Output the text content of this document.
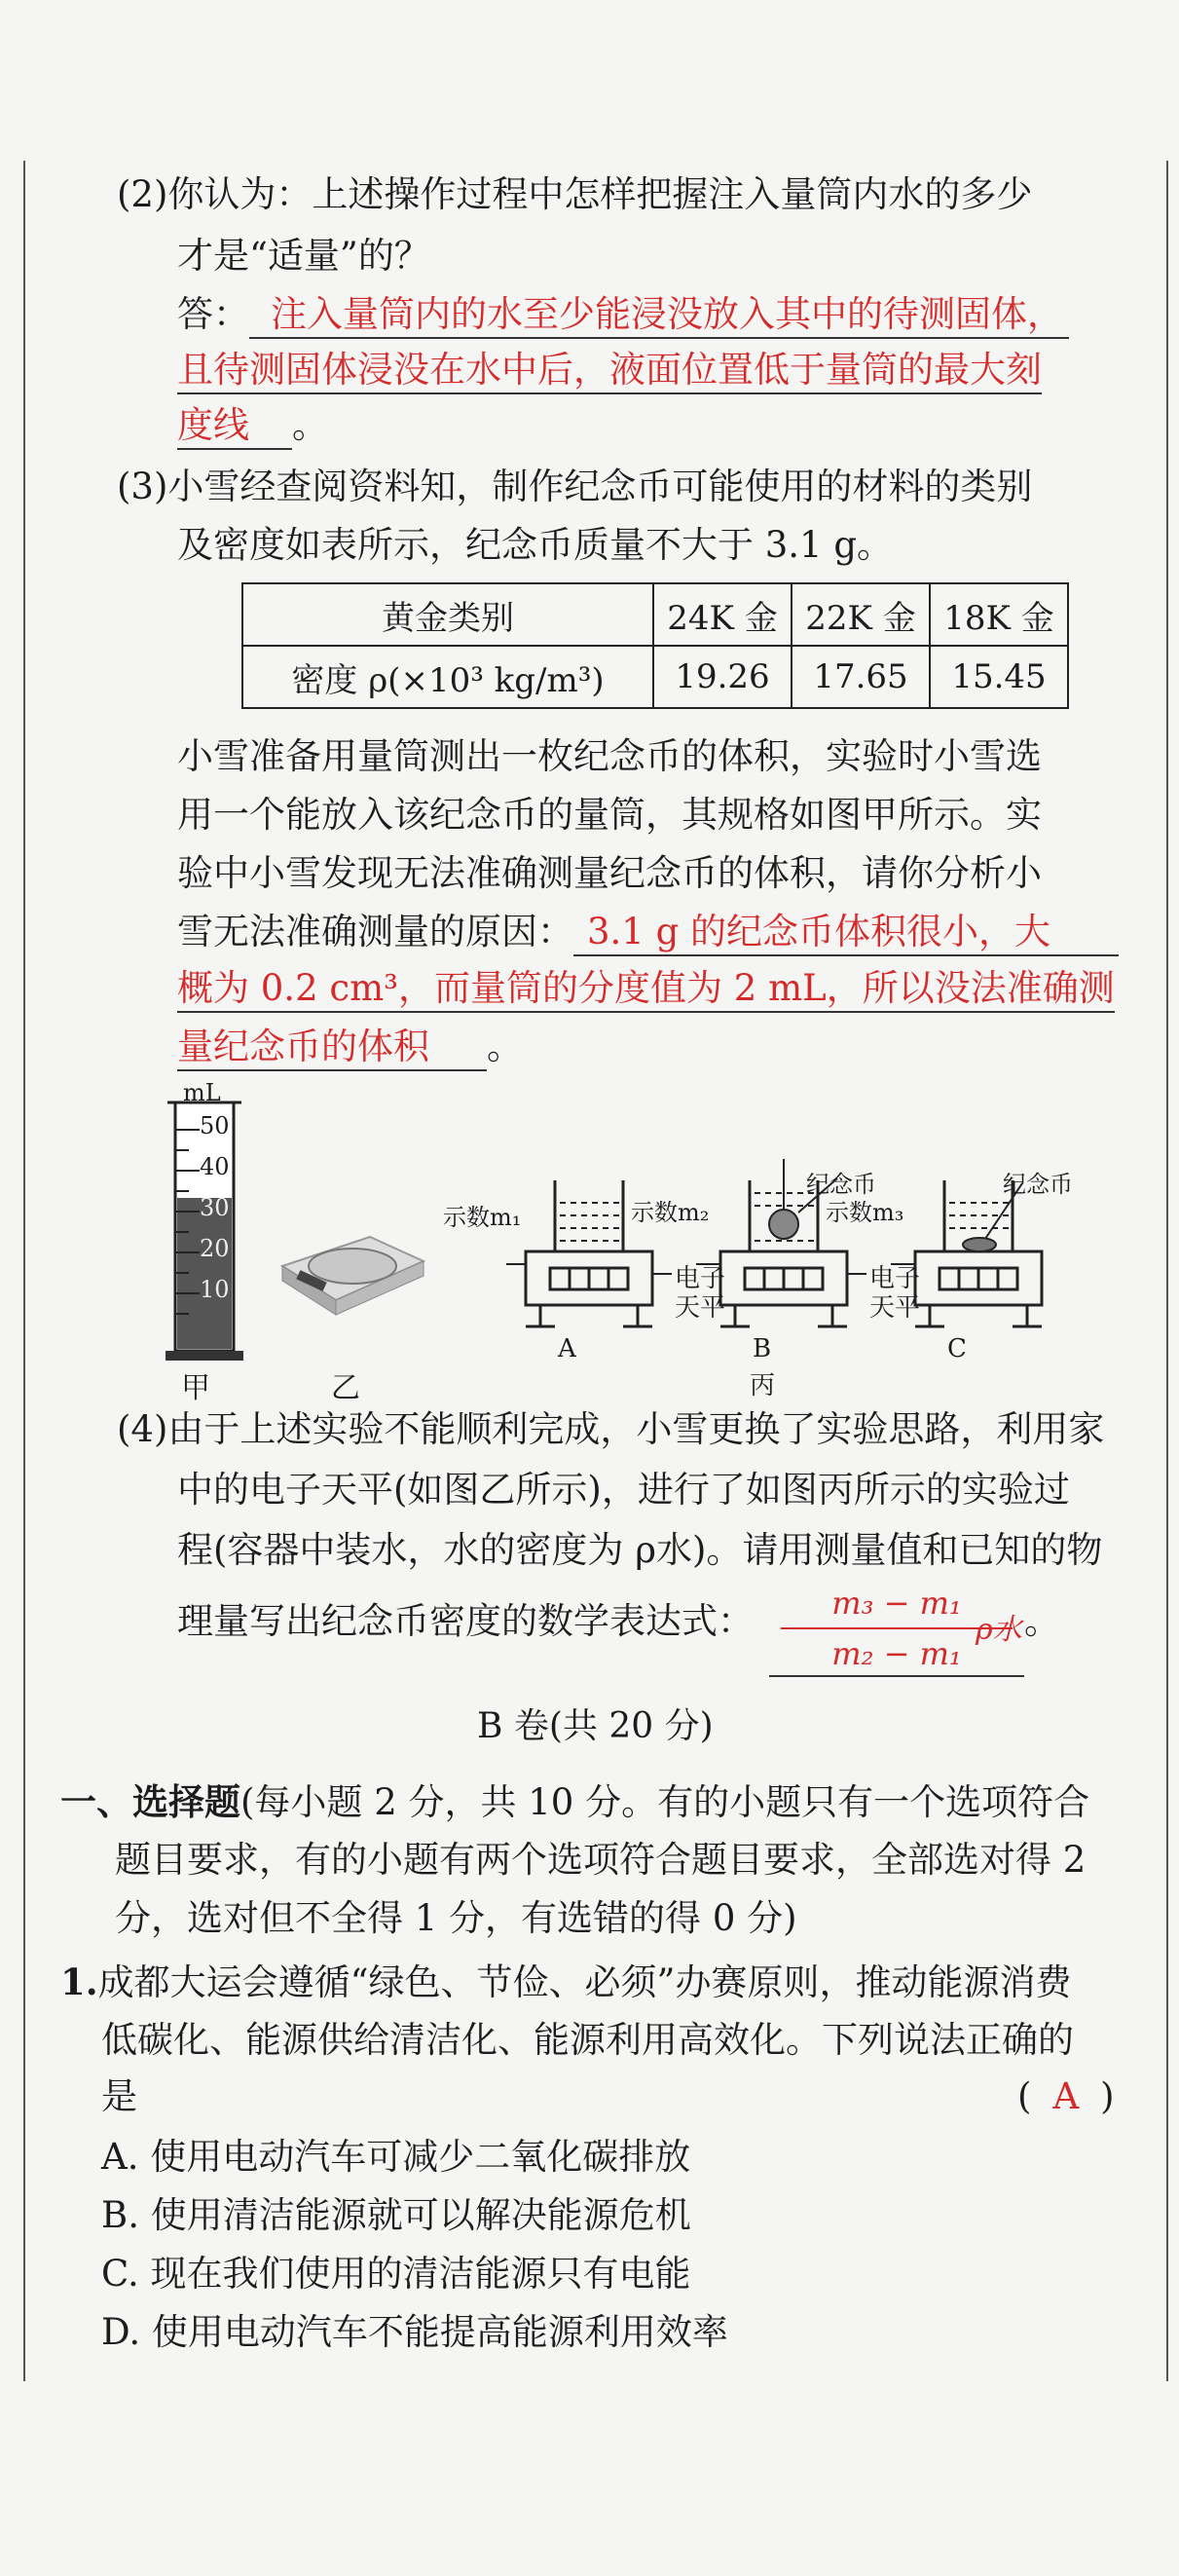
(2)你认为：上述操作过程中怎样把握注入量筒内水的多少
才是“适量”的？
答： 注入量筒内的水至少能浸没放入其中的待测固体，
且待测固体浸没在水中后，液面位置低于量筒的最大刻
度线 。
(3)小雪经查阅资料知，制作纪念币可能使用的材料的类别
及密度如表所示，纪念币质量不大于 3.1 g。
黄金类别	24K 金	22K 金	18K 金
密度 ρ(×10³ kg/m³)	19.26	17.65	15.45
小雪准备用量筒测出一枚纪念币的体积，实验时小雪选
用一个能放入该纪念币的量筒，其规格如图甲所示。实
验中小雪发现无法准确测量纪念币的体积，请你分析小
雪无法准确测量的原因： 3.1 g 的纪念币体积很小，大
概为 0.2 cm³，而量筒的分度值为 2 mL，所以没法准确测
量纪念币的体积 。
mL
50
40
30
20
10
甲	乙
示数m₁	示数m₂	示数m₃
纪念币	纪念币
电子
天平
电子
天平
A	B	C
丙
(4)由于上述实验不能顺利完成，小雪更换了实验思路，利用家
中的电子天平(如图乙所示)，进行了如图丙所示的实验过
程(容器中装水，水的密度为 ρ水)。请用测量值和已知的物
理量写出纪念币密度的数学表达式：	m₃ − m₁
m₂ − m₁
ρ水 。
B 卷(共 20 分)
一、选择题(每小题 2 分，共 10 分。有的小题只有一个选项符合
题目要求，有的小题有两个选项符合题目要求，全部选对得 2
分，选对但不全得 1 分，有选错的得 0 分)
1.成都大运会遵循“绿色、节俭、必须”办赛原则，推动能源消费
低碳化、能源供给清洁化、能源利用高效化。下列说法正确的
是	( A )
A. 使用电动汽车可减少二氧化碳排放
B. 使用清洁能源就可以解决能源危机
C. 现在我们使用的清洁能源只有电能
D. 使用电动汽车不能提高能源利用效率
